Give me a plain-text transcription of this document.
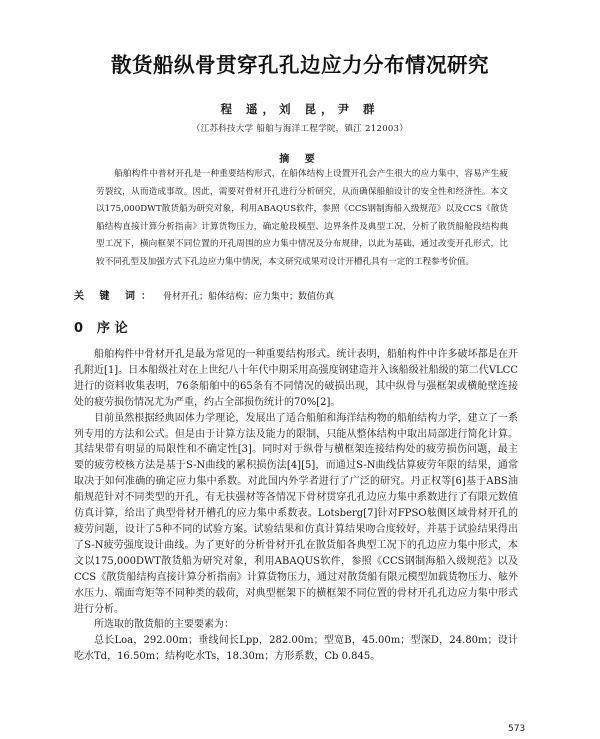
散货船纵骨贯穿孔孔边应力分布情况研究
程 遥，刘 昆，尹 群
（江苏科技大学 船舶与海洋工程学院，镇江 212003）
摘 要
船舶构件中普材开孔是一种重要结构形式，在船体结构上设置开孔会产生很大的应力集中，容易产生疲劳裂纹，从而造成事故。因此，需要对骨材开孔进行分析研究，从而确保船舶设计的安全性和经济性。本文以175,000DWT散货船为研究对象，利用ABAQUS软件，参照《CCS钢制海船入级规范》以及CCS《散货船结构直接计算分析指南》计算货物压力，确定舱段模型、边界条件及典型工况，分析了散货船舱段结构典型工况下，横向框架不同位置的开孔周围的应力集中情况及分布规律，以此为基础，通过改变开孔形式，比较不同孔型及加强方式下孔边应力集中情况，本文研究成果对设计开槽孔具有一定的工程参考价值。
关 键 词： 骨材开孔；船体结构；应力集中；数值仿真
0 序 论

船舶构件中骨材开孔是最为常见的一种重要结构形式。统计表明，船舶构件中许多破坏都是在开孔附近[1]。日本船级社对在上世纪八十年代中期采用高强度钢建造并入该船级社船级的第二代VLCC进行的资料收集表明，76条船舶中的65条有不同情况的破损出现，其中纵骨与强框架或横舱壁连接处的疲劳损伤情况尤为严重，约占全部损伤统计的70%[2]。

目前虽然根据经典固体力学理论，发展出了适合船舶和海洋结构物的船舶结构力学，建立了一系列专用的方法和公式。但是由于计算方法及能力的限制，只能从整体结构中取出局部进行简化计算。其结果带有明显的局限性和不确定性[3]。同时对于纵骨与横框架连接结构处的疲劳损伤问题，最主要的疲劳校核方法是基于S-N曲线的累积损伤法[4][5]，而通过S-N曲线估算疲劳年限的结果，通常取决于如何准确的确定应力集中系数。对此国内外学者进行了广泛的研究。丹正权等[6]基于ABS油船规范针对不同类型的开孔，有无扶强材等各情况下骨材贯穿孔孔边应力集中系数进行了有限元数值仿真计算，给出了典型骨材开槽孔的应力集中系数表。Lotsberg[7]针对FPSO舷侧区域骨材开孔的疲劳问题，设计了5种不同的试验方案。试验结果和仿真计算结果吻合度较好，并基于试验结果得出了S-N疲劳强度设计曲线。为了更好的分析骨材开孔在散货船各典型工况下的孔边应力集中形式，本文以175,000DWT散货船为研究对象，利用ABAQUS软件，参照《CCS钢制海船入级规范》以及CCS《散货船结构直接计算分析指南》计算货物压力，通过对散货船有限元模型加载货物压力、舷外水压力、端面弯矩等不同种类的载荷，对典型框架下的横框架不同位置的骨材开孔孔边应力集中形式进行分析。

所选取的散货船的主要要素为：

总长Loa，292.00m；垂线间长Lpp，282.00m；型宽B，45.00m；型深D，24.80m；设计吃水Td，16.50m；结构吃水Ts，18.30m；方形系数，Cb 0.845。

573
